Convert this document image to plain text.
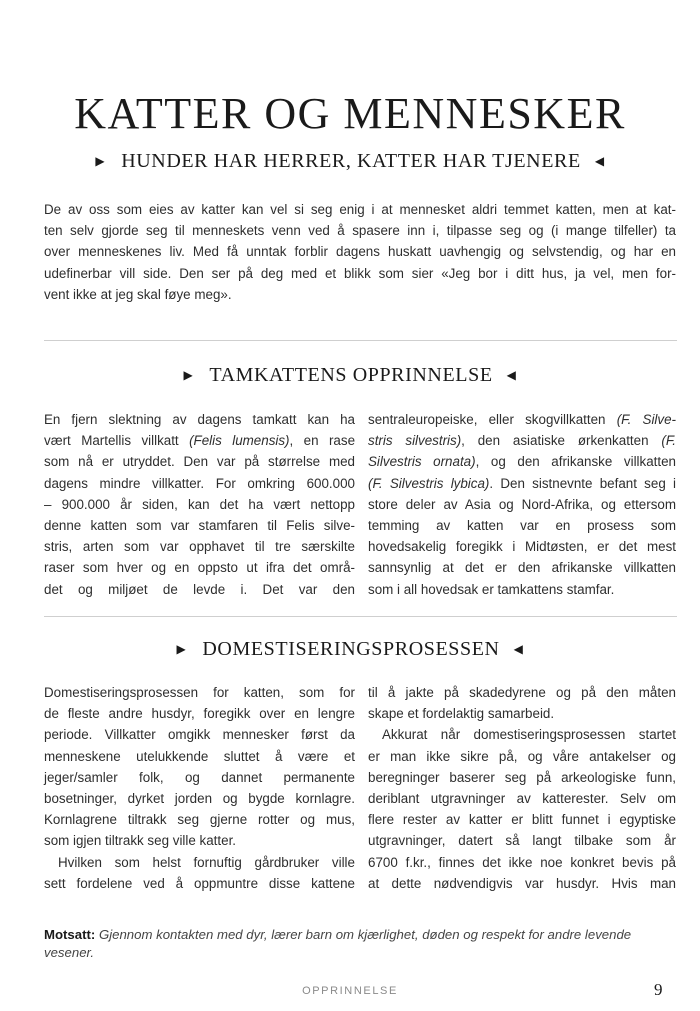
KATTER OG MENNESKER
▶ HUNDER HAR HERRER, KATTER HAR TJENERE ◀
De av oss som eies av katter kan vel si seg enig i at mennesket aldri temmet katten, men at kat-
ten selv gjorde seg til menneskets venn ved å spasere inn i, tilpasse seg og (i mange tilfeller) ta
over menneskenes liv. Med få unntak forblir dagens huskatt uavhengig og selvstendig, og har en
udefinerbar vill side. Den ser på deg med et blikk som sier «Jeg bor i ditt hus, ja vel, men for-
vent ikke at jeg skal føye meg».
▶ TAMKATTENS OPPRINNELSE ◀
En fjern slektning av dagens tamkatt kan ha
vært Martellis villkatt (Felis lumensis), en rase
som nå er utryddet. Den var på størrelse med
dagens mindre villkatter. For omkring 600.000
– 900.000 år siden, kan det ha vært nettopp
denne katten som var stamfaren til Felis silve-
stris, arten som var opphavet til tre særskilte
raser som hver og en oppsto ut ifra det områ-
det og miljøet de levde i. Det var den
sentraleuropeiske, eller skogvillkatten (F. Silve-
stris silvestris), den asiatiske ørkenkatten (F.
Silvestris ornata), og den afrikanske villkatten
(F. Silvestris lybica). Den sistnevnte befant seg i
store deler av Asia og Nord-Afrika, og ettersom
temming av katten var en prosess som
hovedsakelig foregikk i Midtøsten, er det mest
sannsynlig at det er den afrikanske villkatten
som i all hovedsak er tamkattens stamfar.
▶ DOMESTISERINGSPROSESSEN ◀
Domestiseringsprosessen for katten, som for
de fleste andre husdyr, foregikk over en lengre
periode. Villkatter omgikk mennesker først da
menneskene utelukkende sluttet å være et
jeger/samler folk, og dannet permanente
bosetninger, dyrket jorden og bygde kornlagre.
Kornlagrene tiltrakk seg gjerne rotter og mus,
som igjen tiltrakk seg ville katter.
Hvilken som helst fornuftig gårdbruker ville
sett fordelene ved å oppmuntre disse kattene
til å jakte på skadedyrene og på den måten
skape et fordelaktig samarbeid.
Akkurat når domestiseringsprosessen startet
er man ikke sikre på, og våre antakelser og
beregninger baserer seg på arkeologiske funn,
deriblant utgravninger av katterester. Selv om
flere rester av katter er blitt funnet i egyptiske
utgravninger, datert så langt tilbake som år
6700 f.kr., finnes det ikke noe konkret bevis på
at dette nødvendigvis var husdyr. Hvis man
Motsatt: Gjennom kontakten med dyr, lærer barn om kjærlighet, døden og respekt for andre levende vesener.
OPPRINNELSE	9
